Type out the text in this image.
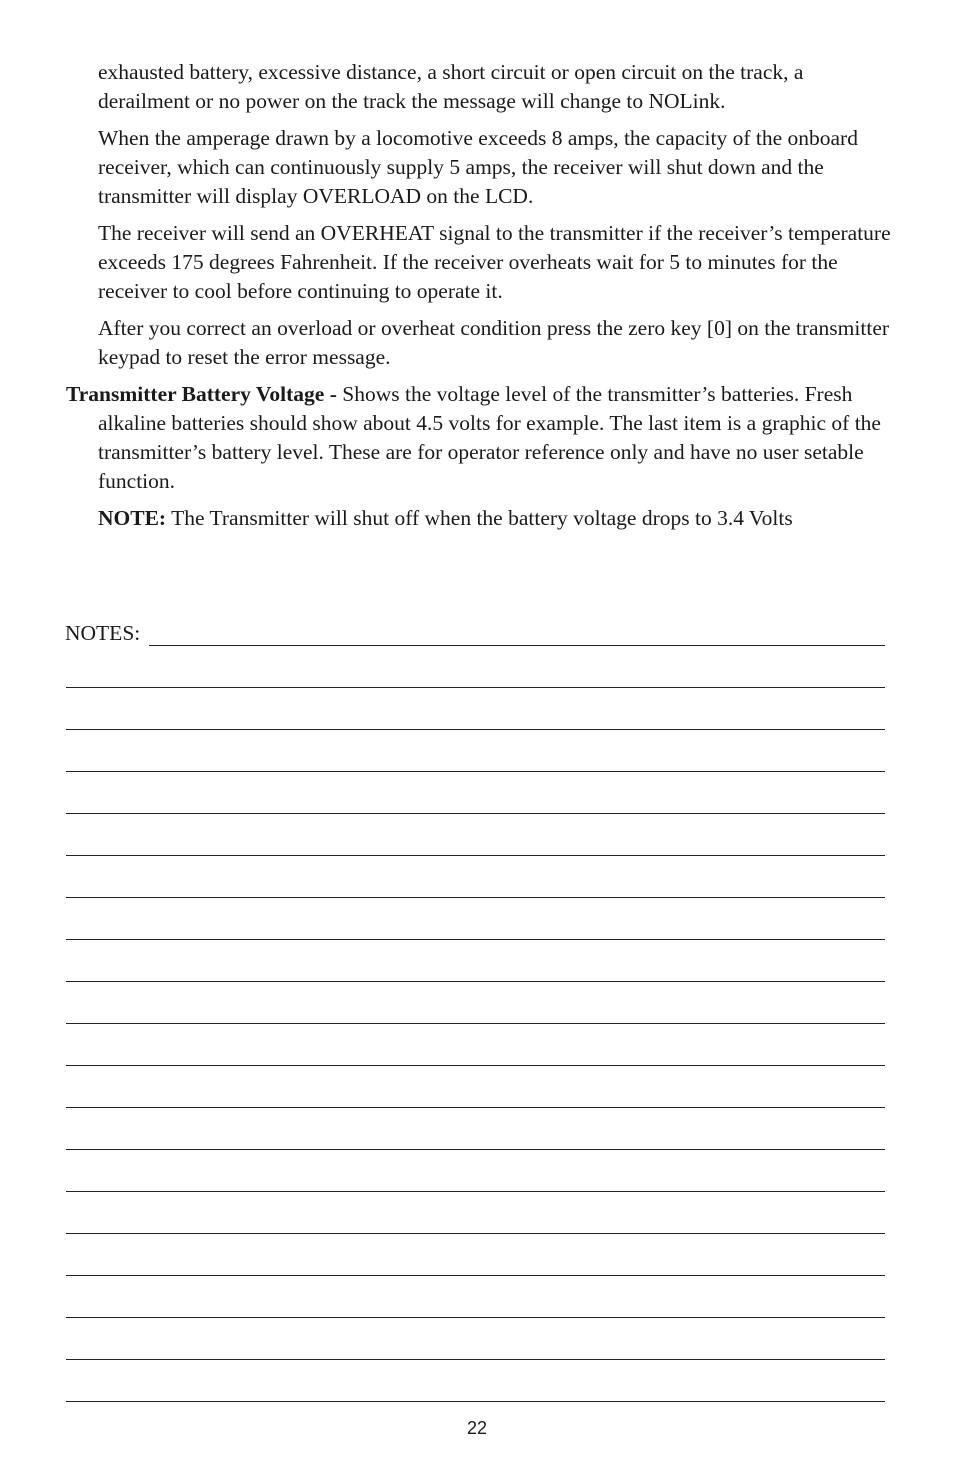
exhausted battery, excessive distance, a short circuit or open circuit on the track, a derailment or no power on the track the message will change to NOLink.

When the amperage drawn by a locomotive exceeds 8 amps, the capacity of the onboard receiver, which can continuously supply 5 amps, the receiver will shut down and the transmitter will display OVERLOAD on the LCD.

The receiver will send an OVERHEAT signal to the transmitter if the receiver’s temperature exceeds 175 degrees Fahrenheit. If the receiver overheats wait for 5 to minutes for the receiver to cool before continuing to operate it.

After you correct an overload or overheat condition press the zero key [0] on the transmitter keypad to reset the error message.

Transmitter Battery Voltage - Shows the voltage level of the transmitter’s batteries. Fresh alkaline batteries should show about 4.5 volts for example. The last item is a graphic of the transmitter’s battery level. These are for operator reference only and have no user setable function.

NOTE: The Transmitter will shut off when the battery voltage drops to 3.4 Volts

NOTES:
22
